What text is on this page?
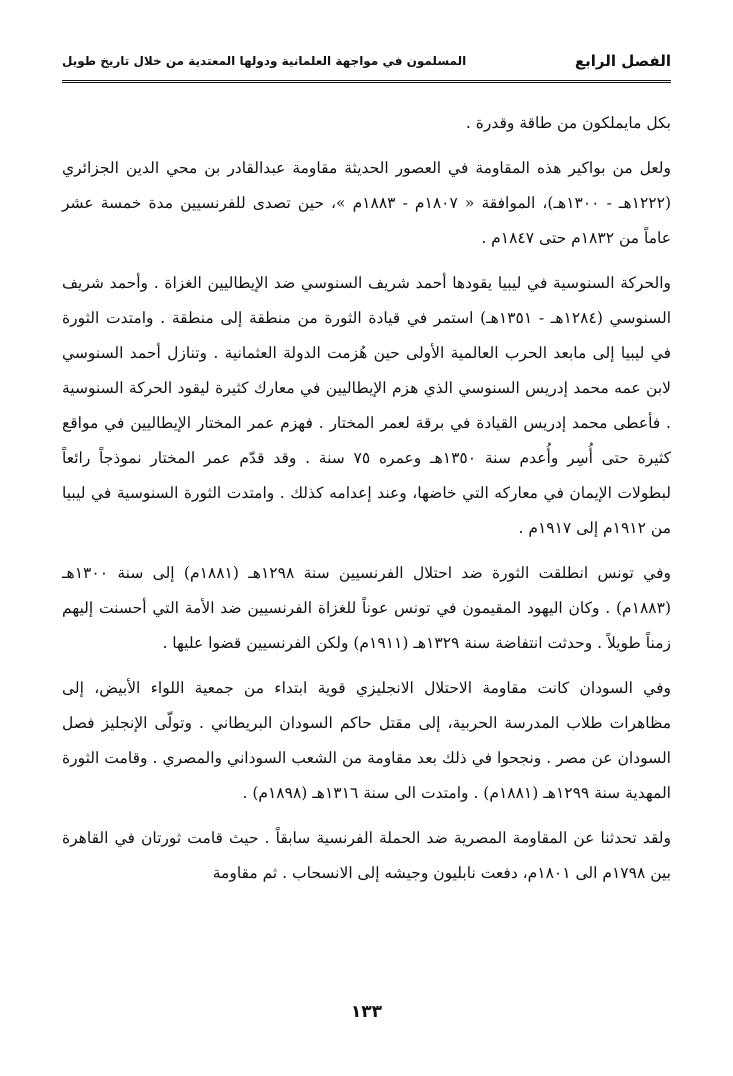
الفصل الرابع
المسلمون في مواجهة العلمانية ودولها المعتدية من خلال تاريخ طويل

بكل مايملكون من طاقة وقدرة .

ولعل من بواكير هذه المقاومة في العصور الحديثة مقاومة عبدالقادر بن محي الدين الجزائري (١٢٢٢هـ - ١٣٠٠هـ)، الموافقة « ١٨٠٧م - ١٨٨٣م »، حين تصدى للفرنسيين مدة خمسة عشر عاماً من ١٨٣٢م حتى ١٨٤٧م .

والحركة السنوسية في ليبيا يقودها أحمد شريف السنوسي ضد الإيطاليين الغزاة . وأحمد شريف السنوسي (١٢٨٤هـ - ١٣٥١هـ) استمر في قيادة الثورة من منطقة إلى منطقة . وامتدت الثورة في ليبيا إلى مابعد الحرب العالمية الأولى حين هُزمت الدولة العثمانية . وتنازل أحمد السنوسي لابن عمه محمد إدريس السنوسي الذي هزم الإيطاليين في معارك كثيرة ليقود الحركة السنوسية . فأعطى محمد إدريس القيادة في برقة لعمر المختار . فهزم عمر المختار الإيطاليين في مواقع كثيرة حتى أُسِر وأُعدم سنة ١٣٥٠هـ وعمره ٧٥ سنة . وقد قدّم عمر المختار نموذجاً رائعاً لبطولات الإيمان في معاركه التي خاضها، وعند إعدامه كذلك . وامتدت الثورة السنوسية في ليبيا من ١٩١٢م إلى ١٩١٧م .

وفي تونس انطلقت الثورة ضد احتلال الفرنسيين سنة ١٢٩٨هـ (١٨٨١م) إلى سنة ١٣٠٠هـ (١٨٨٣م) . وكان اليهود المقيمون في تونس عوناً للغزاة الفرنسيين ضد الأمة التي أحسنت إليهم زمناً طويلاً . وحدثت انتفاضة سنة ١٣٢٩هـ (١٩١١م) ولكن الفرنسيين قضوا عليها .

وفي السودان كانت مقاومة الاحتلال الانجليزي قوية ابتداء من جمعية اللواء الأبيض، إلى مظاهرات طلاب المدرسة الحربية، إلى مقتل حاكم السودان البريطاني . وتولّى الإنجليز فصل السودان عن مصر . ونجحوا في ذلك بعد مقاومة من الشعب السوداني والمصري . وقامت الثورة المهدية سنة ١٢٩٩هـ (١٨٨١م) . وامتدت الى سنة ١٣١٦هـ (١٨٩٨م) .

ولقد تحدثنا عن المقاومة المصرية ضد الحملة الفرنسية سابقاً . حيث قامت ثورتان في القاهرة بين ١٧٩٨م الى ١٨٠١م، دفعت نابليون وجيشه إلى الانسحاب . ثم مقاومة

١٣٣
